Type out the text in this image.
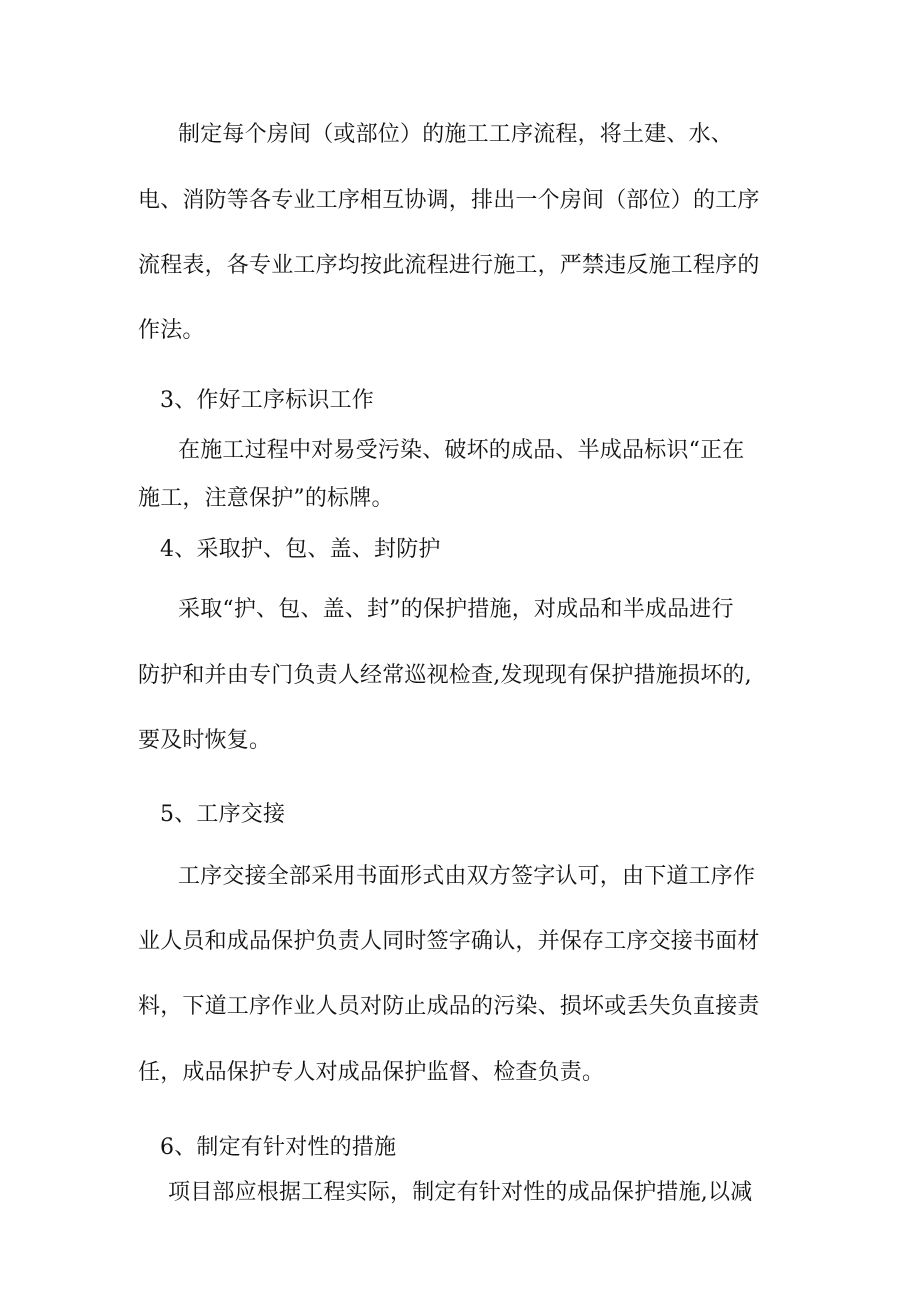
制定每个房间（或部位）的施工工序流程，将土建、水、
电、消防等各专业工序相互协调，排出一个房间（部位）的工序
流程表，各专业工序均按此流程进行施工，严禁违反施工程序的
作法。
3、作好工序标识工作
在施工过程中对易受污染、破坏的成品、半成品标识“正在
施工，注意保护”的标牌。
4、采取护、包、盖、封防护
采取“护、包、盖、封”的保护措施，对成品和半成品进行
防护和并由专门负责人经常巡视检查,发现现有保护措施损坏的,
要及时恢复。
5、工序交接
工序交接全部采用书面形式由双方签字认可，由下道工序作
业人员和成品保护负责人同时签字确认，并保存工序交接书面材
料，下道工序作业人员对防止成品的污染、损坏或丢失负直接责
任，成品保护专人对成品保护监督、检查负责。
6、制定有针对性的措施
项目部应根据工程实际，制定有针对性的成品保护措施,以减
